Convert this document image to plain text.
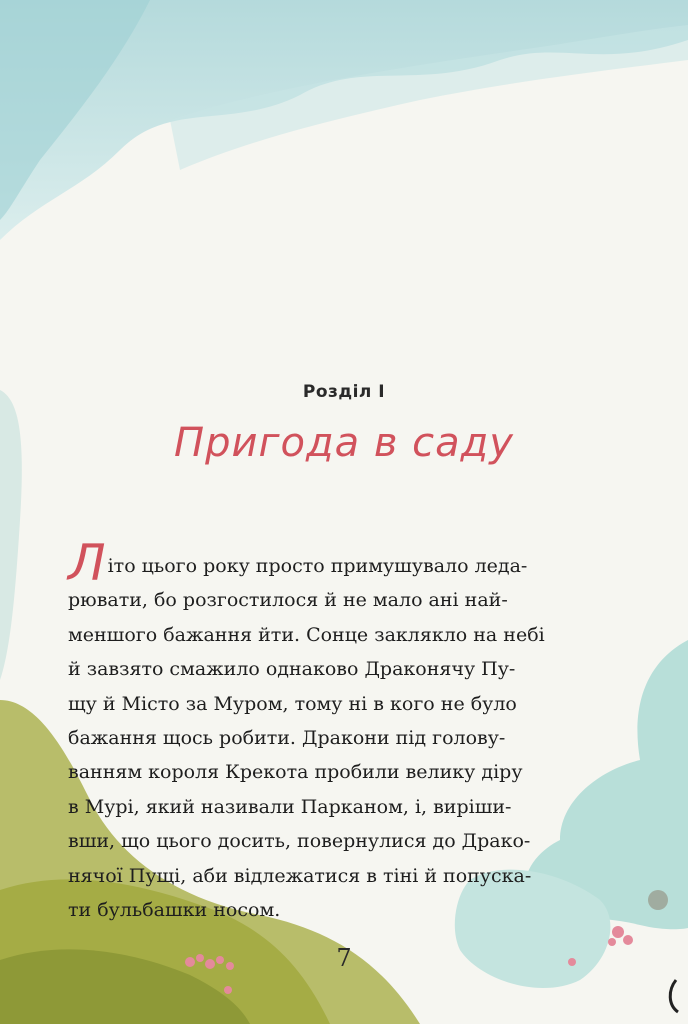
Розділ І
Пригода в саду
Літо цього року просто примушувало леда-
рювати, бо розгостилося й не мало ані най-
меншого бажання йти. Сонце заклякло на небі
й завзято смажило однаково Драконячу Пу-
щу й Місто за Муром, тому ні в кого не було
бажання щось робити. Дракони під голову-
ванням короля Крекота пробили велику діру
в Мурі, який називали Парканом, і, виріши-
вши, що цього досить, повернулися до Драко-
нячої Пущі, аби відлежатися в тіні й попуска-
ти бульбашки носом.
7
